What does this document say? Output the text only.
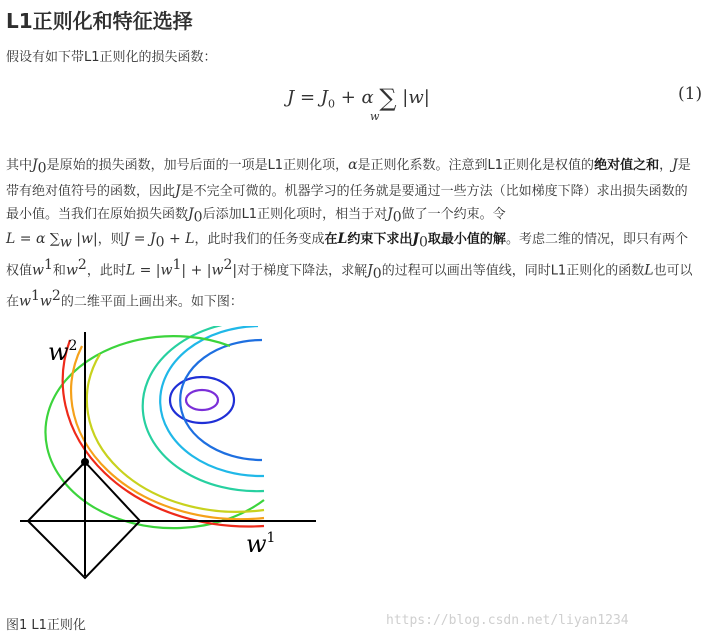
L1正则化和特征选择
假设有如下带L1正则化的损失函数：
$J = J_0 + \alpha$ ∑ |w|
w
(1)
其中$J_0$是原始的损失函数，加号后面的一项是L1正则化项，α是正则化系数。注意到L1正则化是权值的绝对值之和，J是带有绝对值符号的函数，因此J是不完全可微的。机器学习的任务就是要通过一些方法（比如梯度下降）求出损失函数的最小值。当我们在原始损失函数$J_0$后添加L1正则化项时，相当于对$J_0$做了一个约束。令
L = α $\sum_w$ |w|，则$J = J_0 + L$，此时我们的任务变成在L约束下求出$J_0$取最小值的解。考虑二维的情况，即只有两个权值$w^1$和$w^2$，此时$L = |w^1| + |w^2|$对于梯度下降法，求解$J_0$的过程可以画出等值线，同时L1正则化的函数L也可以在$w^1w^2$的二维平面上画出来。如下图：
$w^2$
$w^1$
图1 L1正则化	https://blog.csdn.net/liyan1234
